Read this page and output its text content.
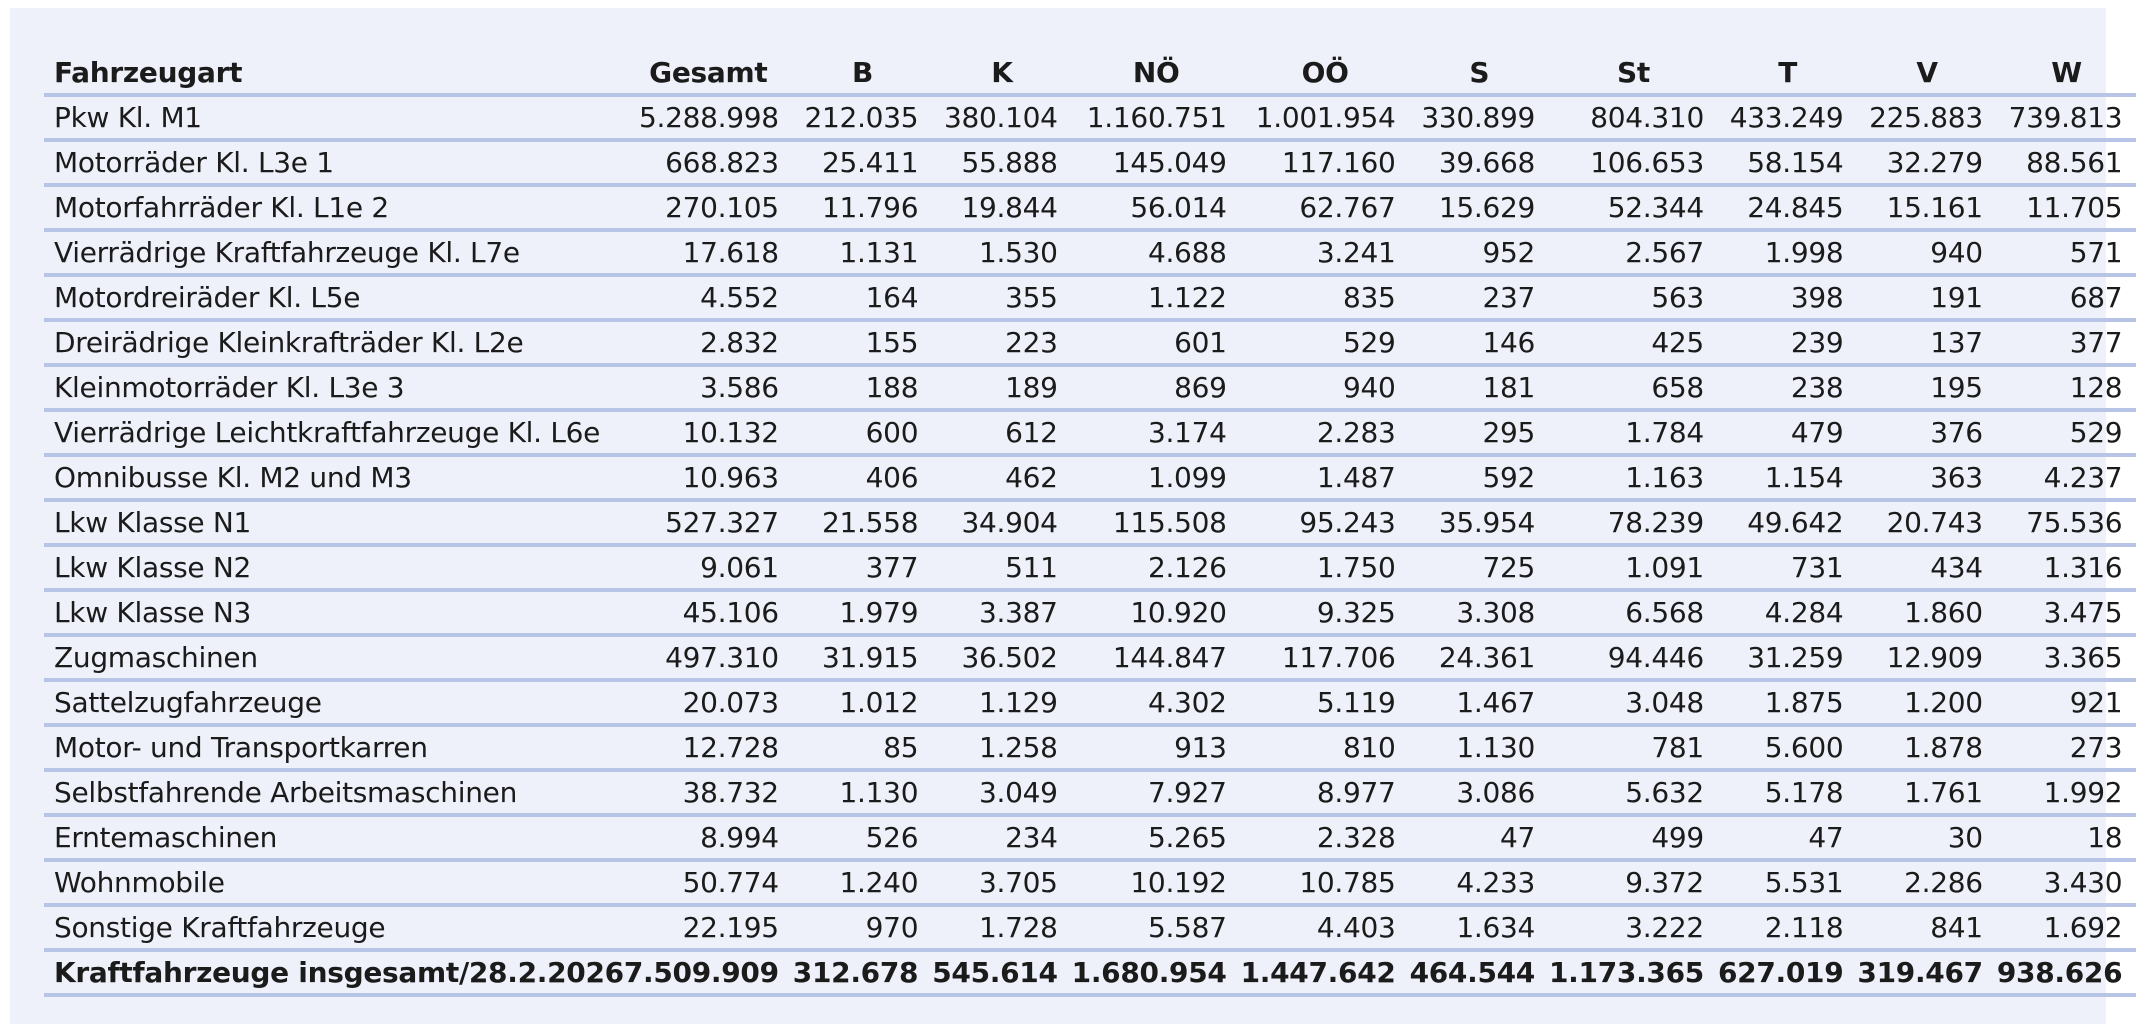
Fahrzeugart	Gesamt	B	K	NÖ	OÖ	S	St	T	V	W
Pkw Kl. M1	5.288.998	212.035	380.104	1.160.751	1.001.954	330.899	804.310	433.249	225.883	739.813
Motorräder Kl. L3e 1	668.823	25.411	55.888	145.049	117.160	39.668	106.653	58.154	32.279	88.561
Motorfahrräder Kl. L1e 2	270.105	11.796	19.844	56.014	62.767	15.629	52.344	24.845	15.161	11.705
Vierrädrige Kraftfahrzeuge Kl. L7e	17.618	1.131	1.530	4.688	3.241	952	2.567	1.998	940	571
Motordreiräder Kl. L5e	4.552	164	355	1.122	835	237	563	398	191	687
Dreirädrige Kleinkrafträder Kl. L2e	2.832	155	223	601	529	146	425	239	137	377
Kleinmotorräder Kl. L3e 3	3.586	188	189	869	940	181	658	238	195	128
Vierrädrige Leichtkraftfahrzeuge Kl. L6e	10.132	600	612	3.174	2.283	295	1.784	479	376	529
Omnibusse Kl. M2 und M3	10.963	406	462	1.099	1.487	592	1.163	1.154	363	4.237
Lkw Klasse N1	527.327	21.558	34.904	115.508	95.243	35.954	78.239	49.642	20.743	75.536
Lkw Klasse N2	9.061	377	511	2.126	1.750	725	1.091	731	434	1.316
Lkw Klasse N3	45.106	1.979	3.387	10.920	9.325	3.308	6.568	4.284	1.860	3.475
Zugmaschinen	497.310	31.915	36.502	144.847	117.706	24.361	94.446	31.259	12.909	3.365
Sattelzugfahrzeuge	20.073	1.012	1.129	4.302	5.119	1.467	3.048	1.875	1.200	921
Motor- und Transportkarren	12.728	85	1.258	913	810	1.130	781	5.600	1.878	273
Selbstfahrende Arbeitsmaschinen	38.732	1.130	3.049	7.927	8.977	3.086	5.632	5.178	1.761	1.992
Erntemaschinen	8.994	526	234	5.265	2.328	47	499	47	30	18
Wohnmobile	50.774	1.240	3.705	10.192	10.785	4.233	9.372	5.531	2.286	3.430
Sonstige Kraftfahrzeuge	22.195	970	1.728	5.587	4.403	1.634	3.222	2.118	841	1.692
Kraftfahrzeuge insgesamt/28.2.2026	7.509.909	312.678	545.614	1.680.954	1.447.642	464.544	1.173.365	627.019	319.467	938.626
